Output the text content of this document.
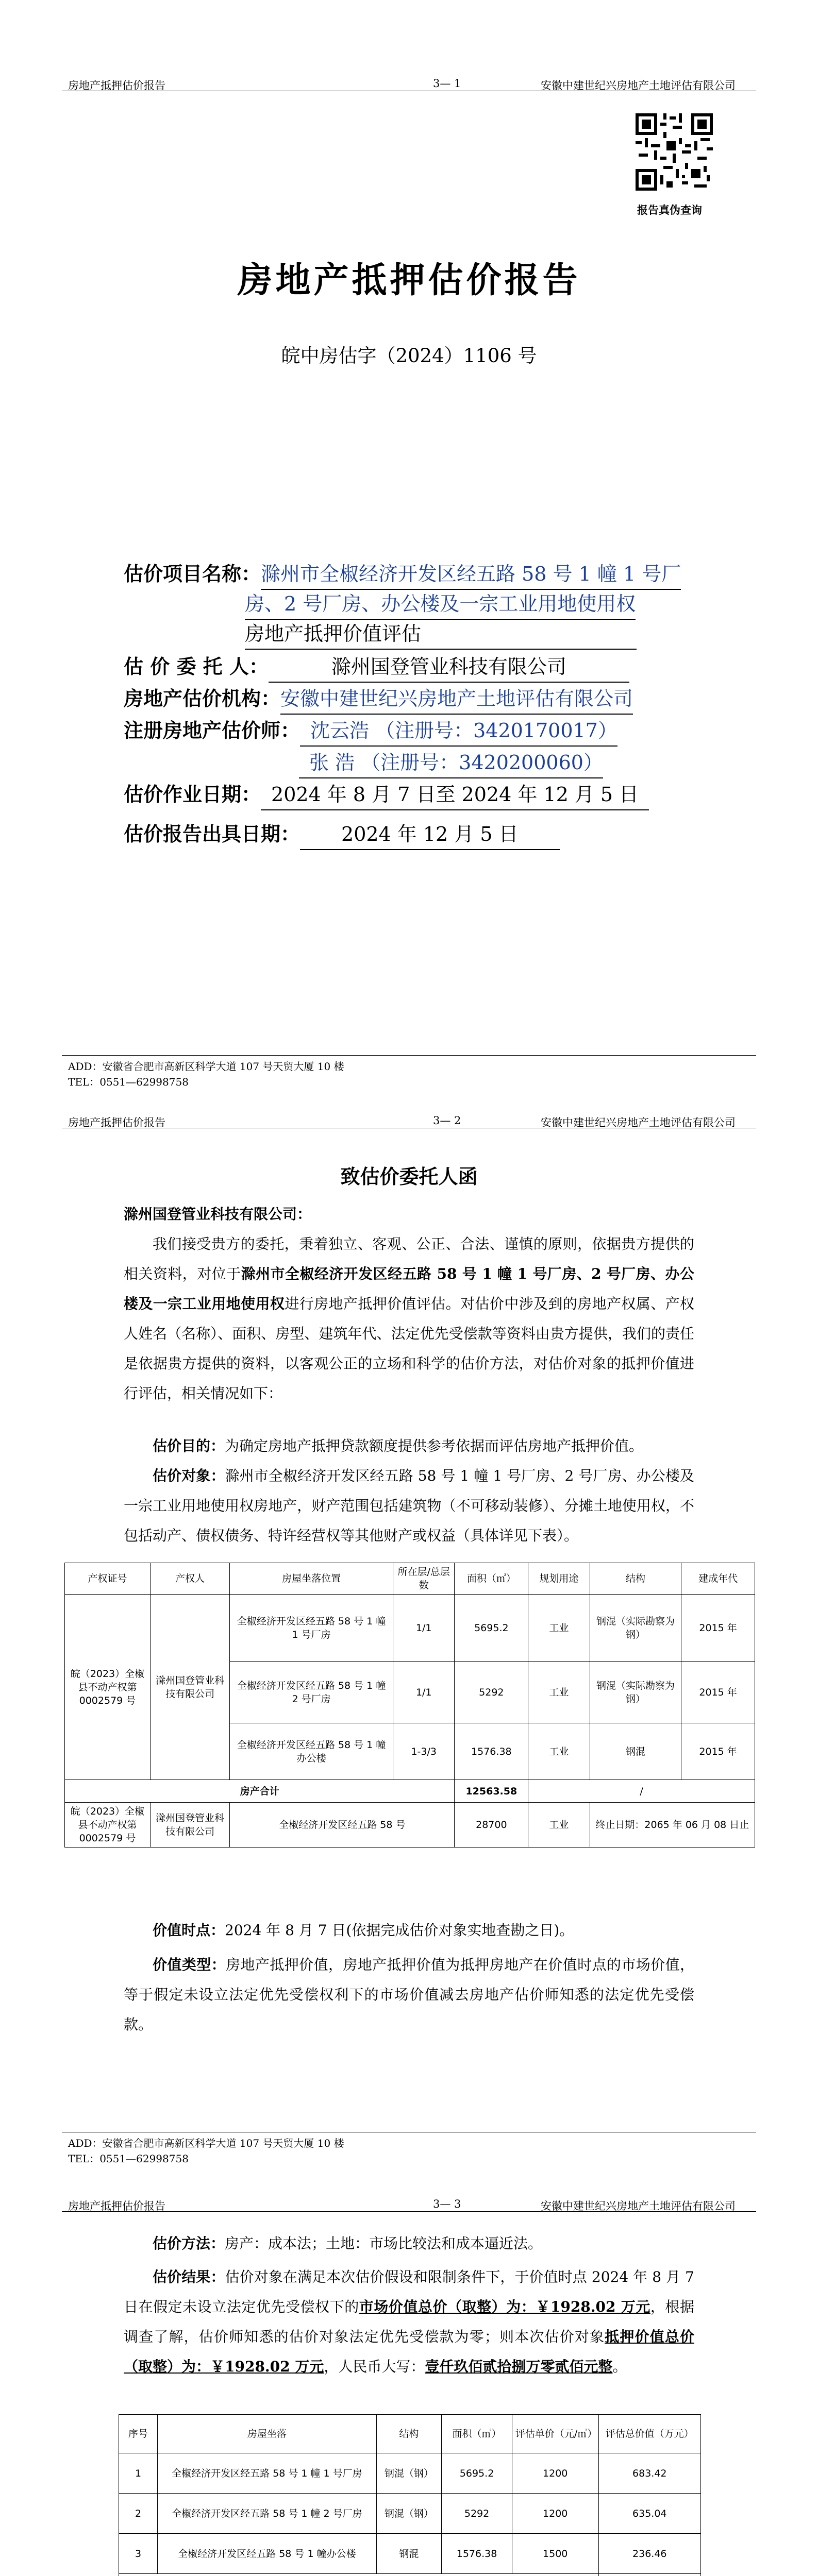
房地产抵押估价报告	3— 1	安徽中建世纪兴房地产土地评估有限公司
报告真伪查询
房地产抵押估价报告
皖中房估字（2024）1106 号
估价项目名称：滁州市全椒经济开发区经五路 58 号 1 幢 1 号厂
房、2 号厂房、办公楼及一宗工业用地使用权
房地产抵押价值评估
估 价 委 托 人：	滁州国登管业科技有限公司
房地产估价机构：安徽中建世纪兴房地产土地评估有限公司
注册房地产估价师： 沈云浩 （注册号：3420170017）
张 浩 （注册号：3420200060）
估价作业日期： 2024 年 8 月 7 日至 2024 年 12 月 5 日
估价报告出具日期： 2024 年 12 月 5 日
ADD：安徽省合肥市高新区科学大道 107 号天贸大厦 10 楼
TEL：0551—62998758
房地产抵押估价报告	3— 2	安徽中建世纪兴房地产土地评估有限公司
致估价委托人函
滁州国登管业科技有限公司：
我们接受贵方的委托，秉着独立、客观、公正、合法、谨慎的原则，依据贵方提供的相关资料，对位于滁州市全椒经济开发区经五路 58 号 1 幢 1 号厂房、2 号厂房、办公楼及一宗工业用地使用权进行房地产抵押价值评估。对估价中涉及到的房地产权属、产权人姓名（名称）、面积、房型、建筑年代、法定优先受偿款等资料由贵方提供，我们的责任是依据贵方提供的资料，以客观公正的立场和科学的估价方法，对估价对象的抵押价值进行评估，相关情况如下：
估价目的：为确定房地产抵押贷款额度提供参考依据而评估房地产抵押价值。
估价对象：滁州市全椒经济开发区经五路 58 号 1 幢 1 号厂房、2 号厂房、办公楼及一宗工业用地使用权房地产，财产范围包括建筑物（不可移动装修）、分摊土地使用权，不包括动产、债权债务、特许经营权等其他财产或权益（具体详见下表）。
产权证号	产权人	房屋坐落位置	所在层/总层数	面积（㎡）	规划用途	结构	建成年代
皖（2023）全椒县不动产权第0002579 号	滁州国登管业科技有限公司	全椒经济开发区经五路 58 号 1 幢 1 号厂房	1/1	5695.2	工业	钢混（实际勘察为钢）	2015 年
		全椒经济开发区经五路 58 号 1 幢 2 号厂房	1/1	5292	工业	钢混（实际勘察为钢）	2015 年
		全椒经济开发区经五路 58 号 1 幢办公楼	1-3/3	1576.38	工业	钢混	2015 年
房产合计				12563.58	/		
皖（2023）全椒县不动产权第0002579 号	滁州国登管业科技有限公司	全椒经济开发区经五路 58 号		28700	工业	终止日期：2065 年 06 月 08 日止	
价值时点：2024 年 8 月 7 日(依据完成估价对象实地查勘之日)。
价值类型：房地产抵押价值，房地产抵押价值为抵押房地产在价值时点的市场价值，等于假定未设立法定优先受偿权利下的市场价值减去房地产估价师知悉的法定优先受偿款。
ADD：安徽省合肥市高新区科学大道 107 号天贸大厦 10 楼
TEL：0551—62998758
房地产抵押估价报告	3— 3	安徽中建世纪兴房地产土地评估有限公司
估价方法：房产：成本法；土地：市场比较法和成本逼近法。
估价结果：估价对象在满足本次估价假设和限制条件下，于价值时点 2024 年 8 月 7 日在假定未设立法定优先受偿权下的市场价值总价（取整）为：￥1928.02 万元，根据调查了解，估价师知悉的估价对象法定优先受偿款为零；则本次估价对象抵押价值总价（取整）为：￥1928.02 万元，人民币大写：壹仟玖佰贰拾捌万零贰佰元整。
序号	房屋坐落	结构	面积（㎡）	评估单价（元/㎡）	评估总价值（万元）
1	全椒经济开发区经五路 58 号 1 幢 1 号厂房	钢混（钢）	5695.2	1200	683.42
2	全椒经济开发区经五路 58 号 1 幢 2 号厂房	钢混（钢）	5292	1200	635.04
3	全椒经济开发区经五路 58 号 1 幢办公楼	钢混	1576.38	1500	236.46
